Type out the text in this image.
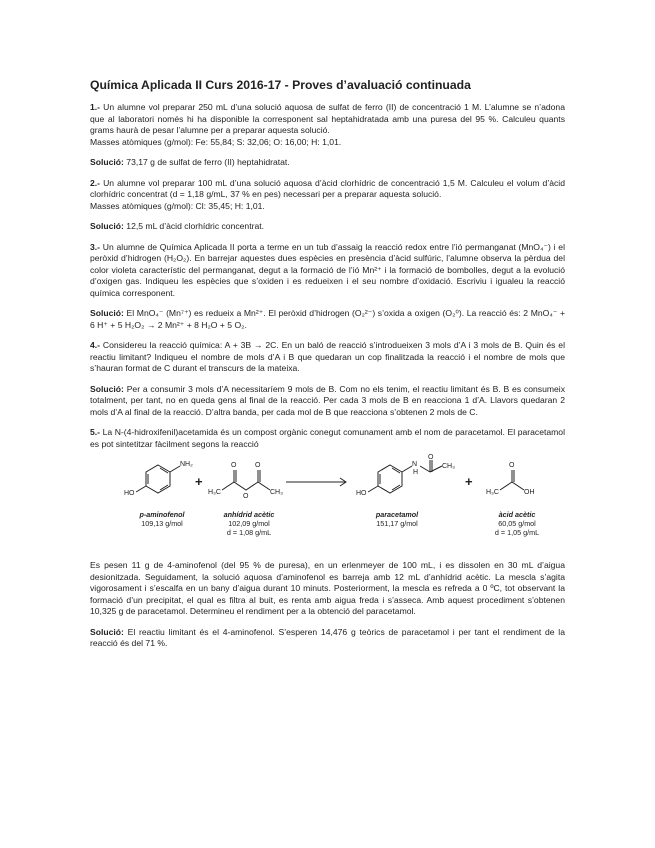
Química Aplicada II Curs 2016-17 - Proves d’avaluació continuada

1.- Un alumne vol preparar 250 mL d’una solució aquosa de sulfat de ferro (II) de concentració 1 M. L’alumne se n’adona que al laboratori només hi ha disponible la corresponent sal heptahidratada amb una puresa del 95 %. Calculeu quants grams haurà de pesar l’alumne per a preparar aquesta solució.

Masses atòmiques (g/mol): Fe: 55,84; S: 32,06; O: 16,00; H: 1,01.

Solució: 73,17 g de sulfat de ferro (II) heptahidratat.

2.- Un alumne vol preparar 100 mL d’una solució aquosa d’àcid clorhídric de concentració 1,5 M. Calculeu el volum d’àcid clorhídric concentrat (d = 1,18 g/mL, 37 % en pes) necessari per a preparar aquesta solució.

Masses atòmiques (g/mol): Cl: 35,45; H: 1,01.

Solució: 12,5 mL d’àcid clorhídric concentrat.

3.- Un alumne de Química Aplicada II porta a terme en un tub d’assaig la reacció redox entre l’ió permanganat (MnO₄⁻) i el peròxid d’hidrogen (H₂O₂). En barrejar aquestes dues espècies en presència d’àcid sulfúric, l’alumne observa la pèrdua del color violeta característic del permanganat, degut a la formació de l’ió Mn²⁺ i la formació de bombolles, degut a la evolució d’oxigen gas. Indiqueu les espècies que s’oxiden i es redueixen i el seu nombre d’oxidació. Escriviu i igualeu la reacció química corresponent.

Solució: El MnO₄⁻ (Mn⁷⁺) es redueix a Mn²⁺. El peròxid d’hidrogen (O₂²⁻) s’oxida a oxigen (O₂⁰). La reacció és: 2 MnO₄⁻ + 6 H⁺ + 5 H₂O₂ → 2 Mn²⁺ + 8 H₂O + 5 O₂.

4.- Considereu la reacció química: A + 3B → 2C. En un baló de reacció s’introdueixen 3 mols d’A i 3 mols de B. Quin és el reactiu limitant? Indiqueu el nombre de mols d’A i B que quedaran un cop finalitzada la reacció i el nombre de mols que s’hauran format de C durant el transcurs de la mateixa.

Solució: Per a consumir 3 mols d’A necessitaríem 9 mols de B. Com no els tenim, el reactiu limitant és B. B es consumeix totalment, per tant, no en queda gens al final de la reacció. Per cada 3 mols de B en reacciona 1 d’A. Llavors quedaran 2 mols d’A al final de la reacció. D’altra banda, per cada mol de B que reacciona s’obtenen 2 mols de C.

5.- La N-(4-hidroxifenil)acetamida és un compost orgànic conegut comunament amb el nom de paracetamol. El paracetamol es pot sintetitzar fàcilment segons la reacció

NH₂
HO	H₃C
O
O
O
CH₃	HO
N
H
O
CH₃
H₃C
O
OH
+	+
p-aminofenol
109,13 g/mol
anhídrid acètic
102,09 g/mol
d = 1,08 g/mL
paracetamol
151,17 g/mol
àcid acètic
60,05 g/mol
d = 1,05 g/mL

Es pesen 11 g de 4-aminofenol (del 95 % de puresa), en un erlenmeyer de 100 mL, i es dissolen en 30 mL d’aigua desionitzada. Seguidament, la solució aquosa d’aminofenol es barreja amb 12 mL d’anhídrid acètic. La mescla s’agita vigorosament i s’escalfa en un bany d’aigua durant 10 minuts. Posteriorment, la mescla es refreda a 0 ºC, tot observant la formació d’un precipitat, el qual es filtra al buit, es renta amb aigua freda i s’asseca. Amb aquest procediment s’obtenen 10,325 g de paracetamol. Determineu el rendiment per a la obtenció del paracetamol.

Solució: El reactiu limitant és el 4-aminofenol. S’esperen 14,476 g teòrics de paracetamol i per tant el rendiment de la reacció és del 71 %.
